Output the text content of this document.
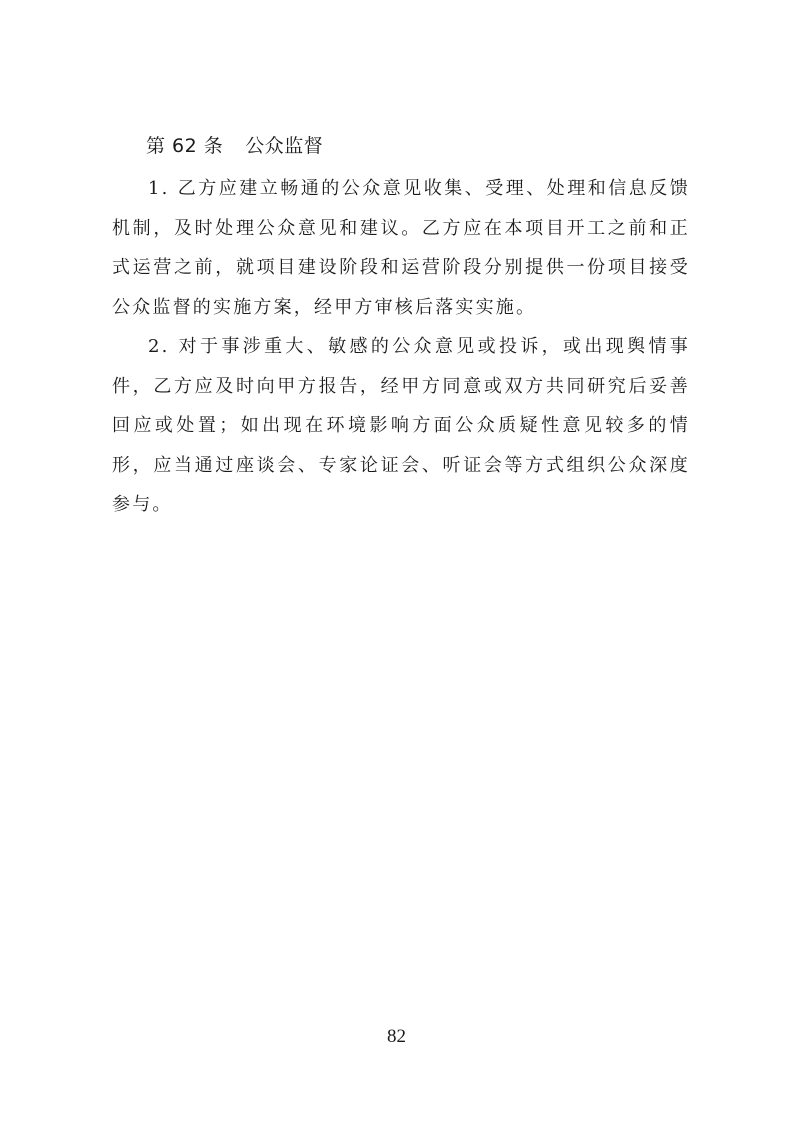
第 62 条 公众监督

1. 乙方应建立畅通的公众意见收集、受理、处理和信息反馈机制，及时处理公众意见和建议。乙方应在本项目开工之前和正式运营之前，就项目建设阶段和运营阶段分别提供一份项目接受公众监督的实施方案，经甲方审核后落实实施。

2. 对于事涉重大、敏感的公众意见或投诉，或出现舆情事件，乙方应及时向甲方报告，经甲方同意或双方共同研究后妥善回应或处置；如出现在环境影响方面公众质疑性意见较多的情形，应当通过座谈会、专家论证会、听证会等方式组织公众深度参与。

82
